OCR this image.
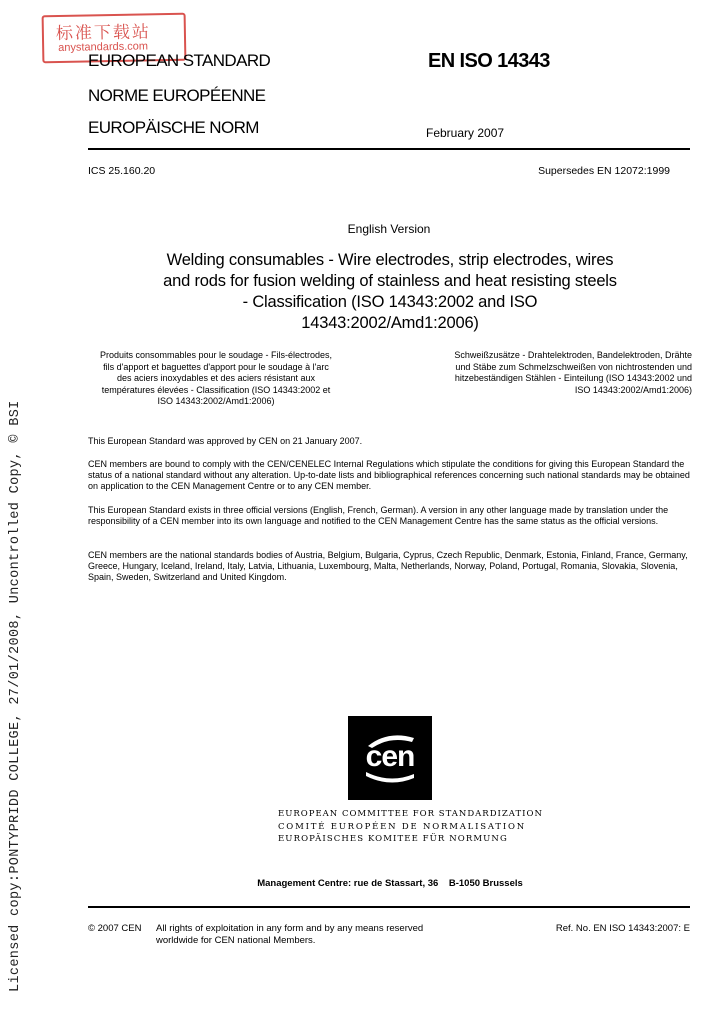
标准下载站
anystandards.com
EUROPEAN STANDARD
NORME EUROPÉENNE
EUROPÄISCHE NORM
EN ISO 14343
February 2007
ICS 25.160.20	Supersedes EN 12072:1999
English Version
Welding consumables - Wire electrodes, strip electrodes, wires
and rods for fusion welding of stainless and heat resisting steels
- Classification (ISO 14343:2002 and ISO
14343:2002/Amd1:2006)
Produits consommables pour le soudage - Fils-électrodes,
fils d'apport et baguettes d'apport pour le soudage à l'arc
des aciers inoxydables et des aciers résistant aux
températures élevées - Classification (ISO 14343:2002 et
ISO 14343:2002/Amd1:2006)
Schweißzusätze - Drahtelektroden, Bandelektroden, Drähte
und Stäbe zum Schmelzschweißen von nichtrostenden und
hitzebeständigen Stählen - Einteilung (ISO 14343:2002 und
ISO 14343:2002/Amd1:2006)
This European Standard was approved by CEN on 21 January 2007.
CEN members are bound to comply with the CEN/CENELEC Internal Regulations which stipulate the conditions for giving this European Standard the status of a national standard without any alteration. Up-to-date lists and bibliographical references concerning such national standards may be obtained on application to the CEN Management Centre or to any CEN member.
This European Standard exists in three official versions (English, French, German). A version in any other language made by translation under the responsibility of a CEN member into its own language and notified to the CEN Management Centre has the same status as the official versions.
CEN members are the national standards bodies of Austria, Belgium, Bulgaria, Cyprus, Czech Republic, Denmark, Estonia, Finland, France, Germany, Greece, Hungary, Iceland, Ireland, Italy, Latvia, Lithuania, Luxembourg, Malta, Netherlands, Norway, Poland, Portugal, Romania, Slovakia, Slovenia, Spain, Sweden, Switzerland and United Kingdom.
cen
EUROPEAN COMMITTEE FOR STANDARDIZATION
COMITÉ EUROPÉEN DE NORMALISATION
EUROPÄISCHES KOMITEE FÜR NORMUNG
Management Centre: rue de Stassart, 36    B-1050 Brussels
© 2007 CEN All rights of exploitation in any form and by any means reserved
worldwide for CEN national Members.
Ref. No. EN ISO 14343:2007: E
Licensed copy:PONTYPRIDD COLLEGE, 27/01/2008, Uncontrolled Copy, © BSI
